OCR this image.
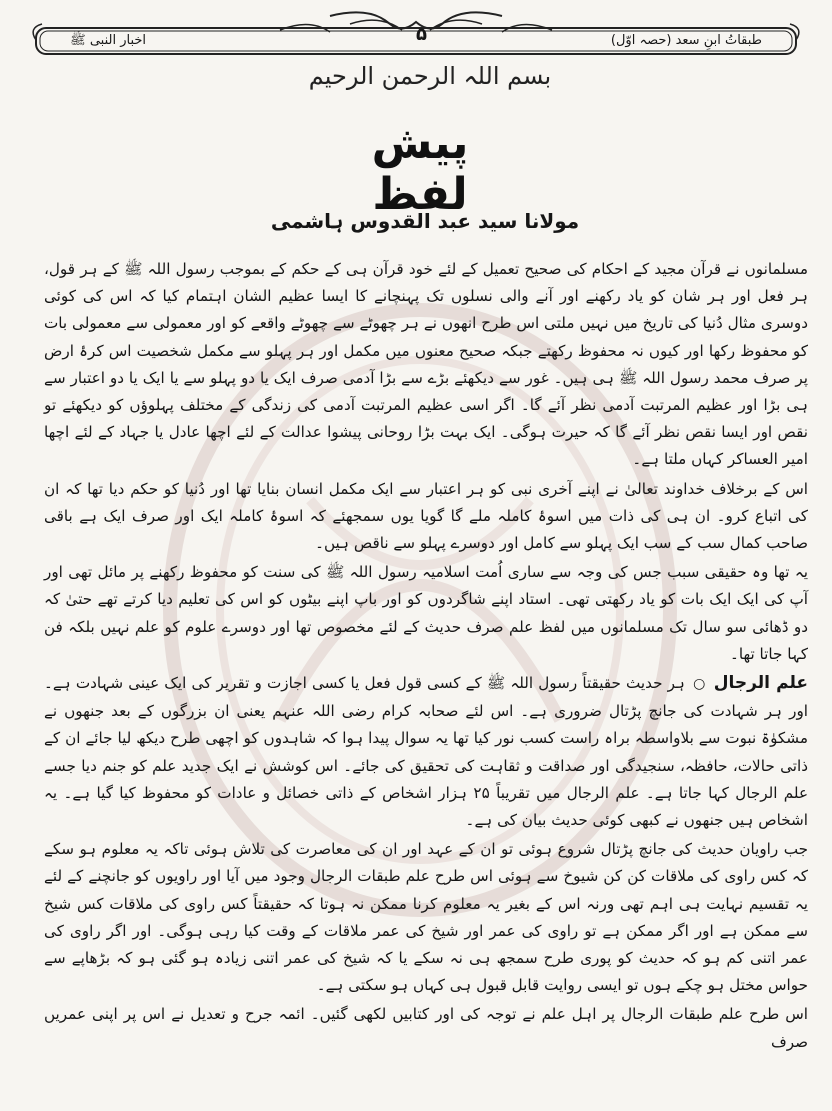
اخبار النبی ﷺ	۵	طبقاتُ ابنِ سعد (حصہ اوّل)
بسم اللہ الرحمن الرحیم
پیش لفظ
مولانا سید عبد القدوس ہاشمی

مسلمانوں نے قرآن مجید کے احکام کی صحیح تعمیل کے لئے خود قرآن ہی کے حکم کے بموجب رسول اللہ ﷺ کے ہر قول، ہر فعل اور ہر شان کو یاد رکھنے اور آنے والی نسلوں تک پہنچانے کا ایسا عظیم الشان اہتمام کیا کہ اس کی کوئی دوسری مثال دُنیا کی تاریخ میں نہیں ملتی اس طرح انھوں نے ہر چھوٹے سے چھوٹے واقعے کو اور معمولی سے معمولی بات کو محفوظ رکھا اور کیوں نہ محفوظ رکھتے جبکہ صحیح معنوں میں مکمل اور ہر پہلو سے مکمل شخصیت اس کرۂ ارض پر صرف محمد رسول اللہ ﷺ ہی ہیں۔ غور سے دیکھئے بڑے سے بڑا آدمی صرف ایک یا دو پہلو سے یا ایک یا دو اعتبار سے ہی بڑا اور عظیم المرتبت آدمی نظر آئے گا۔ اگر اسی عظیم المرتبت آدمی کی زندگی کے مختلف پہلوؤں کو دیکھئے تو نقص اور ایسا نقص نظر آئے گا کہ حیرت ہوگی۔ ایک بہت بڑا روحانی پیشوا عدالت کے لئے اچھا عادل یا جہاد کے لئے اچھا امیر العساکر کہاں ملتا ہے۔

اس کے برخلاف خداوند تعالیٰ نے اپنے آخری نبی کو ہر اعتبار سے ایک مکمل انسان بنایا تھا اور دُنیا کو حکم دیا تھا کہ ان کی اتباع کرو۔ ان ہی کی ذات میں اسوۂ کاملہ ملے گا گویا یوں سمجھئے کہ اسوۂ کاملہ ایک اور صرف ایک ہے باقی صاحب کمال سب کے سب ایک پہلو سے کامل اور دوسرے پہلو سے ناقص ہیں۔

یہ تھا وہ حقیقی سبب جس کی وجہ سے ساری اُمت اسلامیہ رسول اللہ ﷺ کی سنت کو محفوظ رکھنے پر مائل تھی اور آپ کی ایک ایک بات کو یاد رکھتی تھی۔ استاد اپنے شاگردوں کو اور باپ اپنے بیٹوں کو اس کی تعلیم دیا کرتے تھے حتیٰ کہ دو ڈھائی سو سال تک مسلمانوں میں لفظ علم صرف حدیث کے لئے مخصوص تھا اور دوسرے علوم کو علم نہیں بلکہ فن کہا جاتا تھا۔

علم الرجال ○ ہر حدیث حقیقتاً رسول اللہ ﷺ کے کسی قول فعل یا کسی اجازت و تقریر کی ایک عینی شہادت ہے۔ اور ہر شہادت کی جانچ پڑتال ضروری ہے۔ اس لئے صحابہ کرام رضی اللہ عنہم یعنی ان بزرگوں کے بعد جنھوں نے مشکوٰۃ نبوت سے بلاواسطہ براہ راست کسب نور کیا تھا یہ سوال پیدا ہوا کہ شاہدوں کو اچھی طرح دیکھ لیا جائے ان کے ذاتی حالات، حافظہ، سنجیدگی اور صداقت و ثقاہت کی تحقیق کی جائے۔ اس کوشش نے ایک جدید علم کو جنم دیا جسے علم الرجال کہا جاتا ہے۔ علم الرجال میں تقریباً ۲۵ ہزار اشخاص کے ذاتی خصائل و عادات کو محفوظ کیا گیا ہے۔ یہ اشخاص ہیں جنھوں نے کبھی کوئی حدیث بیان کی ہے۔

جب راویان حدیث کی جانچ پڑتال شروع ہوئی تو ان کے عہد اور ان کی معاصرت کی تلاش ہوئی تاکہ یہ معلوم ہو سکے کہ کس راوی کی ملاقات کن کن شیوخ سے ہوئی اس طرح علم طبقات الرجال وجود میں آیا اور راویوں کو جانچنے کے لئے یہ تقسیم نہایت ہی اہم تھی ورنہ اس کے بغیر یہ معلوم کرنا ممکن نہ ہوتا کہ حقیقتاً کس راوی کی ملاقات کس شیخ سے ممکن ہے اور اگر ممکن ہے تو راوی کی عمر اور شیخ کی عمر ملاقات کے وقت کیا رہی ہوگی۔ اور اگر راوی کی عمر اتنی کم ہو کہ حدیث کو پوری طرح سمجھ ہی نہ سکے یا کہ شیخ کی عمر اتنی زیادہ ہو گئی ہو کہ بڑھاپے سے حواس مختل ہو چکے ہوں تو ایسی روایت قابل قبول ہی کہاں ہو سکتی ہے۔

اس طرح علم طبقات الرجال پر اہل علم نے توجہ کی اور کتابیں لکھی گئیں۔ ائمہ جرح و تعدیل نے اس پر اپنی عمریں صرف
